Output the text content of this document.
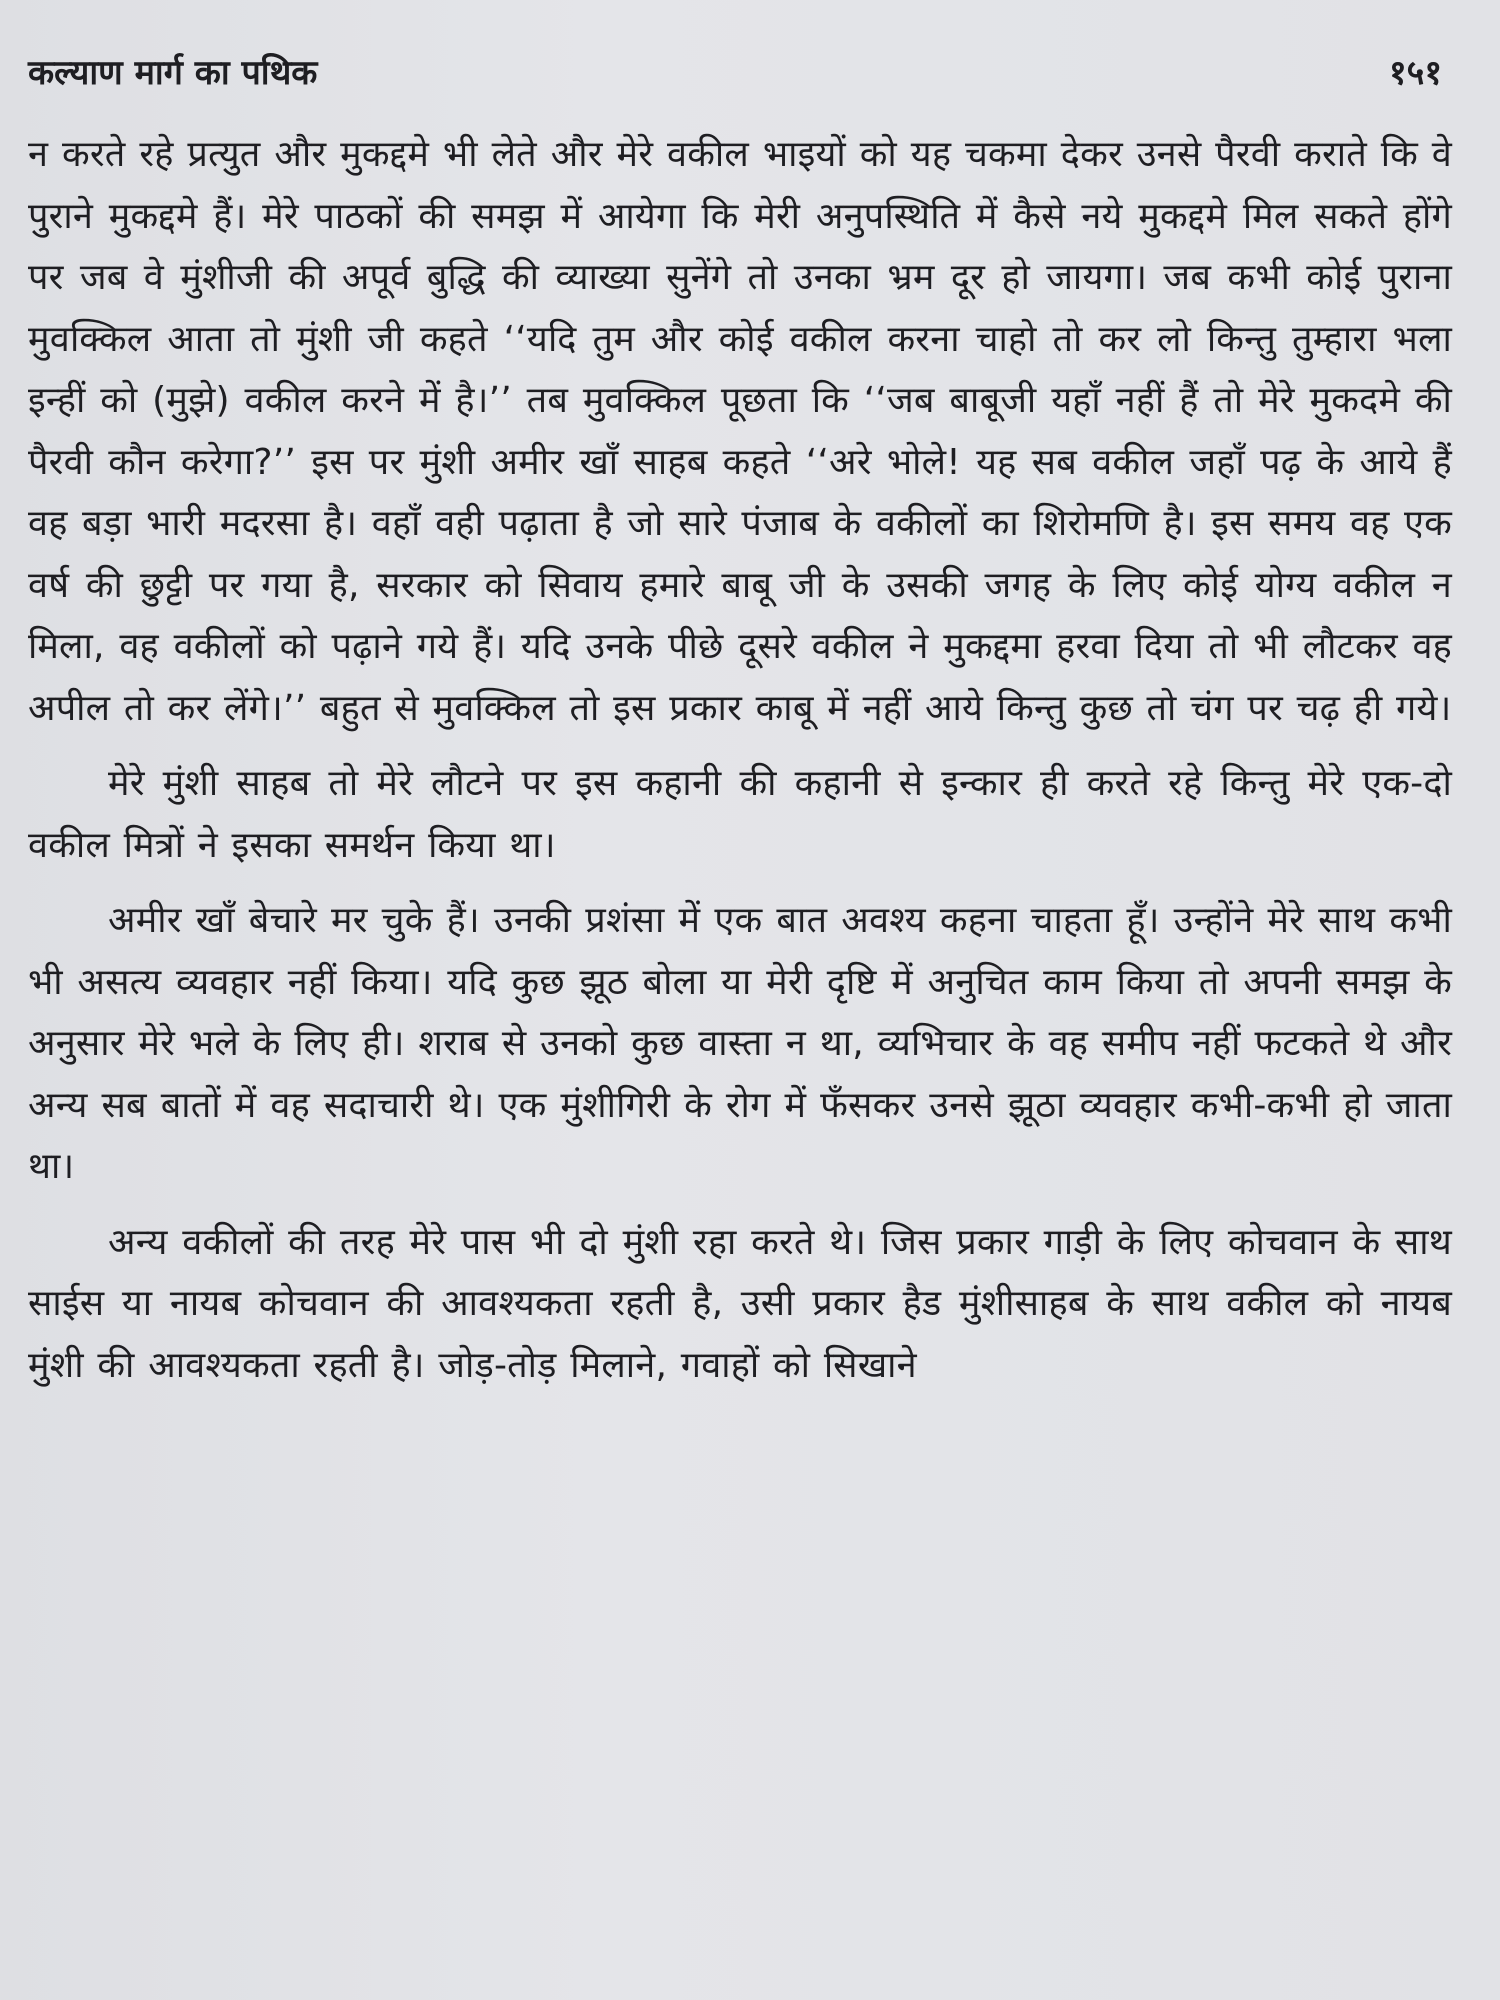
कल्याण मार्ग का पथिक	१५१

न करते रहे प्रत्युत और मुकद्दमे भी लेते और मेरे वकील भाइयों को यह चकमा देकर उनसे पैरवी कराते कि वे पुराने मुकद्दमे हैं। मेरे पाठकों की समझ में आयेगा कि मेरी अनुपस्थिति में कैसे नये मुकद्दमे मिल सकते होंगे पर जब वे मुंशीजी की अपूर्व बुद्धि की व्याख्या सुनेंगे तो उनका भ्रम दूर हो जायगा। जब कभी कोई पुराना मुवक्किल आता तो मुंशी जी कहते ‘‘यदि तुम और कोई वकील करना चाहो तो कर लो किन्तु तुम्हारा भला इन्हीं को (मुझे) वकील करने में है।’’ तब मुवक्किल पूछता कि ‘‘जब बाबूजी यहाँ नहीं हैं तो मेरे मुकदमे की पैरवी कौन करेगा?’’ इस पर मुंशी अमीर खाँ साहब कहते ‘‘अरे भोले! यह सब वकील जहाँ पढ़ के आये हैं वह बड़ा भारी मदरसा है। वहाँ वही पढ़ाता है जो सारे पंजाब के वकीलों का शिरोमणि है। इस समय वह एक वर्ष की छुट्टी पर गया है, सरकार को सिवाय हमारे बाबू जी के उसकी जगह के लिए कोई योग्य वकील न मिला, वह वकीलों को पढ़ाने गये हैं। यदि उनके पीछे दूसरे वकील ने मुकद्दमा हरवा दिया तो भी लौटकर वह अपील तो कर लेंगे।’’ बहुत से मुवक्किल तो इस प्रकार काबू में नहीं आये किन्तु कुछ तो चंग पर चढ़ ही गये।

मेरे मुंशी साहब तो मेरे लौटने पर इस कहानी की कहानी से इन्कार ही करते रहे किन्तु मेरे एक-दो वकील मित्रों ने इसका समर्थन किया था।

अमीर खाँ बेचारे मर चुके हैं। उनकी प्रशंसा में एक बात अवश्य कहना चाहता हूँ। उन्होंने मेरे साथ कभी भी असत्य व्यवहार नहीं किया। यदि कुछ झूठ बोला या मेरी दृष्टि में अनुचित काम किया तो अपनी समझ के अनुसार मेरे भले के लिए ही। शराब से उनको कुछ वास्ता न था, व्यभिचार के वह समीप नहीं फटकते थे और अन्य सब बातों में वह सदाचारी थे। एक मुंशीगिरी के रोग में फँसकर उनसे झूठा व्यवहार कभी-कभी हो जाता था।

अन्य वकीलों की तरह मेरे पास भी दो मुंशी रहा करते थे। जिस प्रकार गाड़ी के लिए कोचवान के साथ साईस या नायब कोचवान की आवश्यकता रहती है, उसी प्रकार हैड मुंशीसाहब के साथ वकील को नायब मुंशी की आवश्यकता रहती है। जोड़-तोड़ मिलाने, गवाहों को सिखाने
